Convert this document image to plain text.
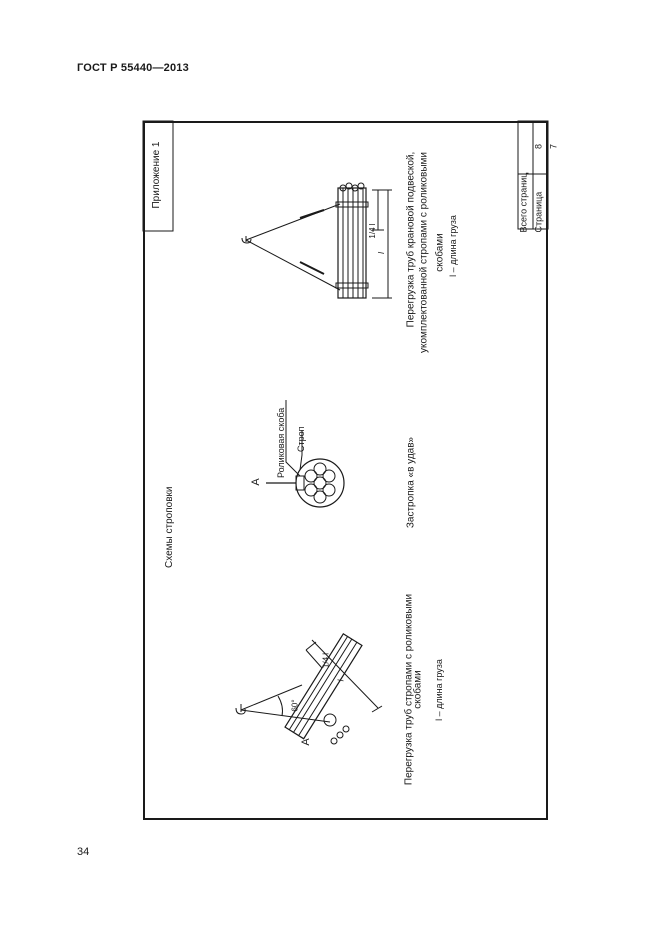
ГОСТ Р 55440—2013
34
Приложение 1
Схемы строповки
Всего страниц
8
Страница
7
1/4 l
l	Перегрузка труб крановой подвеской, укомплектованной стропами с роликовыми скобами l – длина груза
А
Роликовая скоба Строп	Застропка «в удав»
А
60°
1/4 l
l	Перегрузка труб стропами с роликовыми
скобами l – длина груза
